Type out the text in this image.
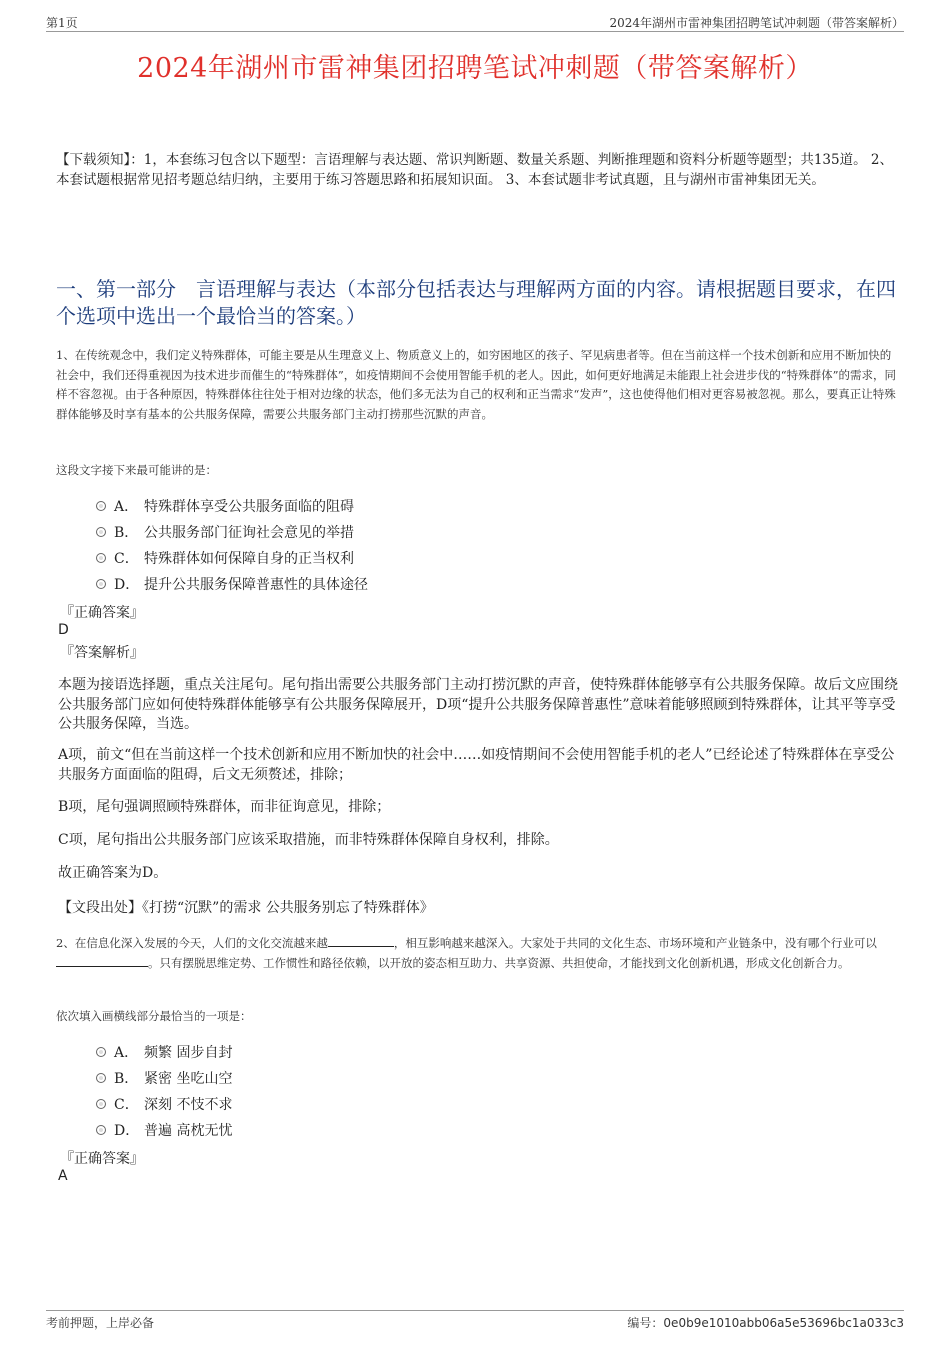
第1页	2024年湖州市雷神集团招聘笔试冲刺题（带答案解析）
2024年湖州市雷神集团招聘笔试冲刺题（带答案解析）
【下载须知】：1，本套练习包含以下题型：言语理解与表达题、常识判断题、数量关系题、判断推理题和资料分析题等题型；共135道。 2、本套试题根据常见招考题总结归纳，主要用于练习答题思路和拓展知识面。 3、本套试题非考试真题，且与湖州市雷神集团无关。
一、第一部分　言语理解与表达（本部分包括表达与理解两方面的内容。请根据题目要求，在四个选项中选出一个最恰当的答案。）
1、在传统观念中，我们定义特殊群体，可能主要是从生理意义上、物质意义上的，如穷困地区的孩子、罕见病患者等。但在当前这样一个技术创新和应用不断加快的社会中，我们还得重视因为技术进步而催生的“特殊群体”，如疫情期间不会使用智能手机的老人。因此，如何更好地满足未能跟上社会进步伐的“特殊群体”的需求，同样不容忽视。由于各种原因，特殊群体往往处于相对边缘的状态，他们多无法为自己的权利和正当需求“发声”，这也使得他们相对更容易被忽视。那么，要真正让特殊群体能够及时享有基本的公共服务保障，需要公共服务部门主动打捞那些沉默的声音。
这段文字接下来最可能讲的是：
A． 特殊群体享受公共服务面临的阻碍
B． 公共服务部门征询社会意见的举措
C． 特殊群体如何保障自身的正当权利
D． 提升公共服务保障普惠性的具体途径
『正确答案』
D
『答案解析』
本题为接语选择题，重点关注尾句。尾句指出需要公共服务部门主动打捞沉默的声音，使特殊群体能够享有公共服务保障。故后文应围绕公共服务部门应如何使特殊群体能够享有公共服务保障展开，D项“提升公共服务保障普惠性”意味着能够照顾到特殊群体，让其平等享受公共服务保障，当选。
A项，前文“但在当前这样一个技术创新和应用不断加快的社会中……如疫情期间不会使用智能手机的老人”已经论述了特殊群体在享受公共服务方面面临的阻碍，后文无须赘述，排除；
B项，尾句强调照顾特殊群体，而非征询意见，排除；
C项，尾句指出公共服务部门应该采取措施，而非特殊群体保障自身权利，排除。
故正确答案为D。
【文段出处】《打捞“沉默”的需求 公共服务别忘了特殊群体》
2、在信息化深入发展的今天，人们的文化交流越来越	，相互影响越来越深入。大家处于共同的文化生态、市场环境和产业链条中，没有哪个行业可以。只有摆脱思维定势、工作惯性和路径依赖，以开放的姿态相互助力、共享资源、共担使命，才能找到文化创新机遇，形成文化创新合力。
依次填入画横线部分最恰当的一项是：
A． 频繁 固步自封
B． 紧密 坐吃山空
C． 深刻 不忮不求
D． 普遍 高枕无忧
『正确答案』
A
考前押题，上岸必备	编号：0e0b9e1010abb06a5e53696bc1a033c3
